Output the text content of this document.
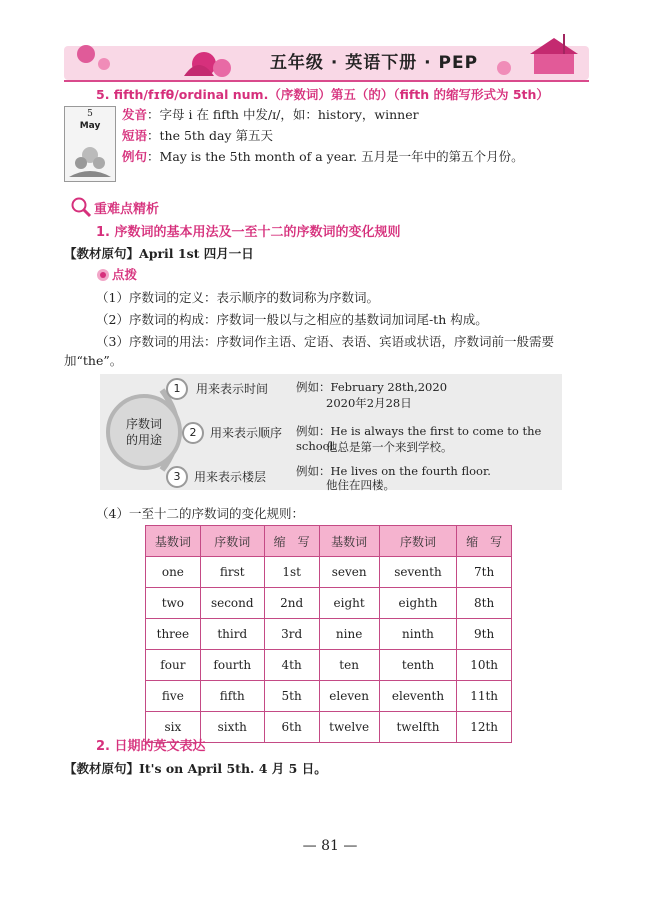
五年级 · 英语下册 · PEP
5. fifth/fɪfθ/ordinal num.（序数词）第五（的）（fifth 的缩写形式为 5th）
5
May
发音：字母 i 在 fifth 中发/ɪ/，如：history，winner
短语：the 5th day 第五天
例句：May is the 5th month of a year. 五月是一年中的第五个月份。
重难点精析
1. 序数词的基本用法及一至十二的序数词的变化规则
【教材原句】April 1st 四月一日
点拨
（1）序数词的定义：表示顺序的数词称为序数词。
（2）序数词的构成：序数词一般以与之相应的基数词加词尾-th 构成。
（3）序数词的用法：序数词作主语、定语、表语、宾语或状语，序数词前一般需要
加“the”。
序数词
的用途
1	用来表示时间 例如：February 28th,2020
2020年2月28日
2	用来表示顺序 例如：He is always the first to come to the school.
他总是第一个来到学校。
3	用来表示楼层	例如：He lives on the fourth floor.
他住在四楼。
（4）一至十二的序数词的变化规则：
基数词	序数词	缩　写	基数词	序数词	缩　写
one	first	1st	seven	seventh	7th
two	second	2nd	eight	eighth	8th
three	third	3rd	nine	ninth	9th
four	fourth	4th	ten	tenth	10th
five	fifth	5th	eleven	eleventh	11th
six	sixth	6th	twelve	twelfth	12th
2. 日期的英文表达
【教材原句】It's on April 5th. 4 月 5 日。
— 81 —
